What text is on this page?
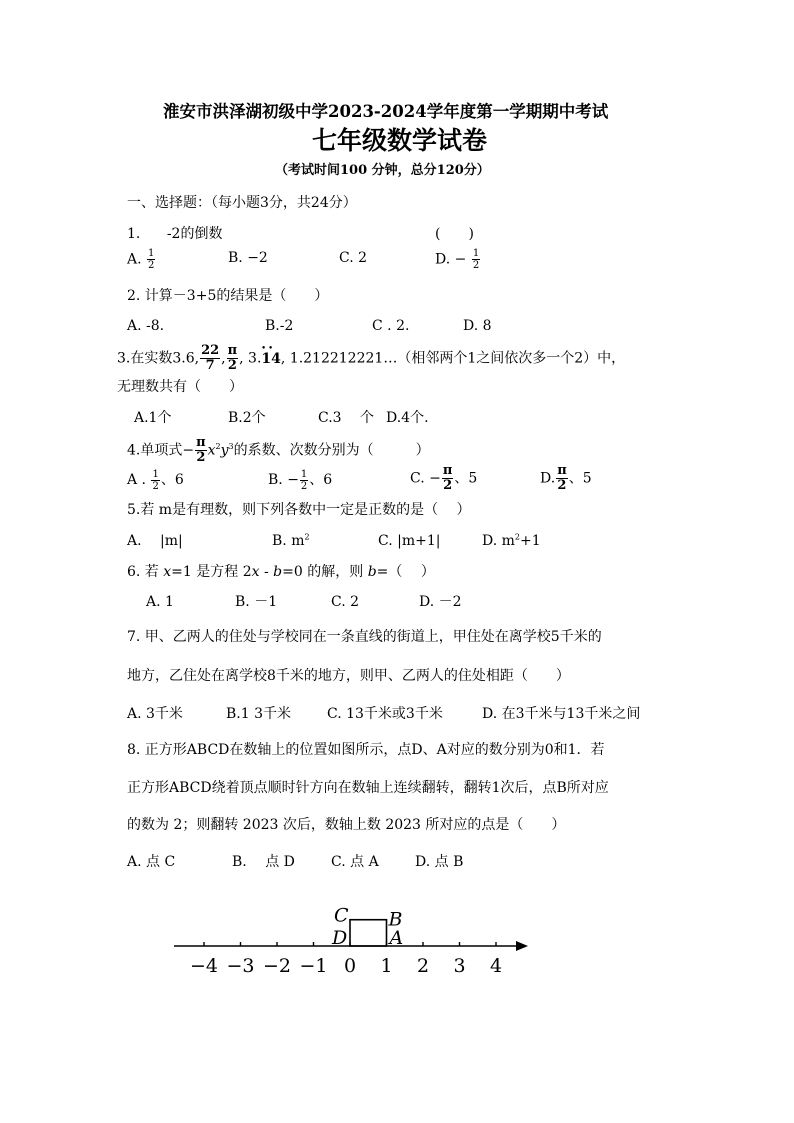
淮安市洪泽湖初级中学2023-2024学年度第一学期期中考试
七年级数学试卷
（考试时间100 分钟，总分120分）
一、选择题：（每小题3分，共24分）
1. -2的倒数	(　　)
A. $\frac{1}{2}$	B. −2	C. 2	D. − $\frac{1}{2}$
2. 计算－3+5的结果是（　　）
A. -8.	B.-2	C . 2.	D. 8
3.在实数3.6, $\frac{22}{7}$ , $\frac{\pi}{2}$ , 3.• • 14, 1.212212221…（相邻两个1之间依次多一个2）中，
无理数共有（　　）
A.1个	B.2个	C.3　 个 D.4个.
4.单项式− $\frac{\pi}{2} x^2y^3$的系数、次数分别为（　　　）
A . $\frac{1}{2}$ 、6	B. − $\frac{1}{2}$ 、6	C. − $\frac{\pi}{2}$ 、5	D. $\frac{\pi}{2}$ 、5
5.若 m是有理数，则下列各数中一定是正数的是（　 ）
A.　 |m|	B. $m^2$	C. |m+1|	D. $m^2+1$
6. 若 x=1 是方程 2x - b=0 的解，则 b=（　 ）
A. 1	B. －1	C. 2	D. －2
7. 甲、乙两人的住处与学校同在一条直线的街道上，甲住处在离学校5千米的
地方，乙住处在离学校8千米的地方，则甲、乙两人的住处相距（　　）
A. 3千米	B.1 3千米	C. 13千米或3千米	D. 在3千米与13千米之间
8. 正方形ABCD在数轴上的位置如图所示，点D、A对应的数分别为0和1．若
正方形ABCD绕着顶点顺时针方向在数轴上连续翻转，翻转1次后，点B所对应
的数为 2；则翻转 2023 次后，数轴上数 2023 所对应的点是（　　）
A. 点 C	B.　 点 D	C. 点 A	D. 点 B
−4 −3 −2 −1 0 1 2 3 4
C B
D A
